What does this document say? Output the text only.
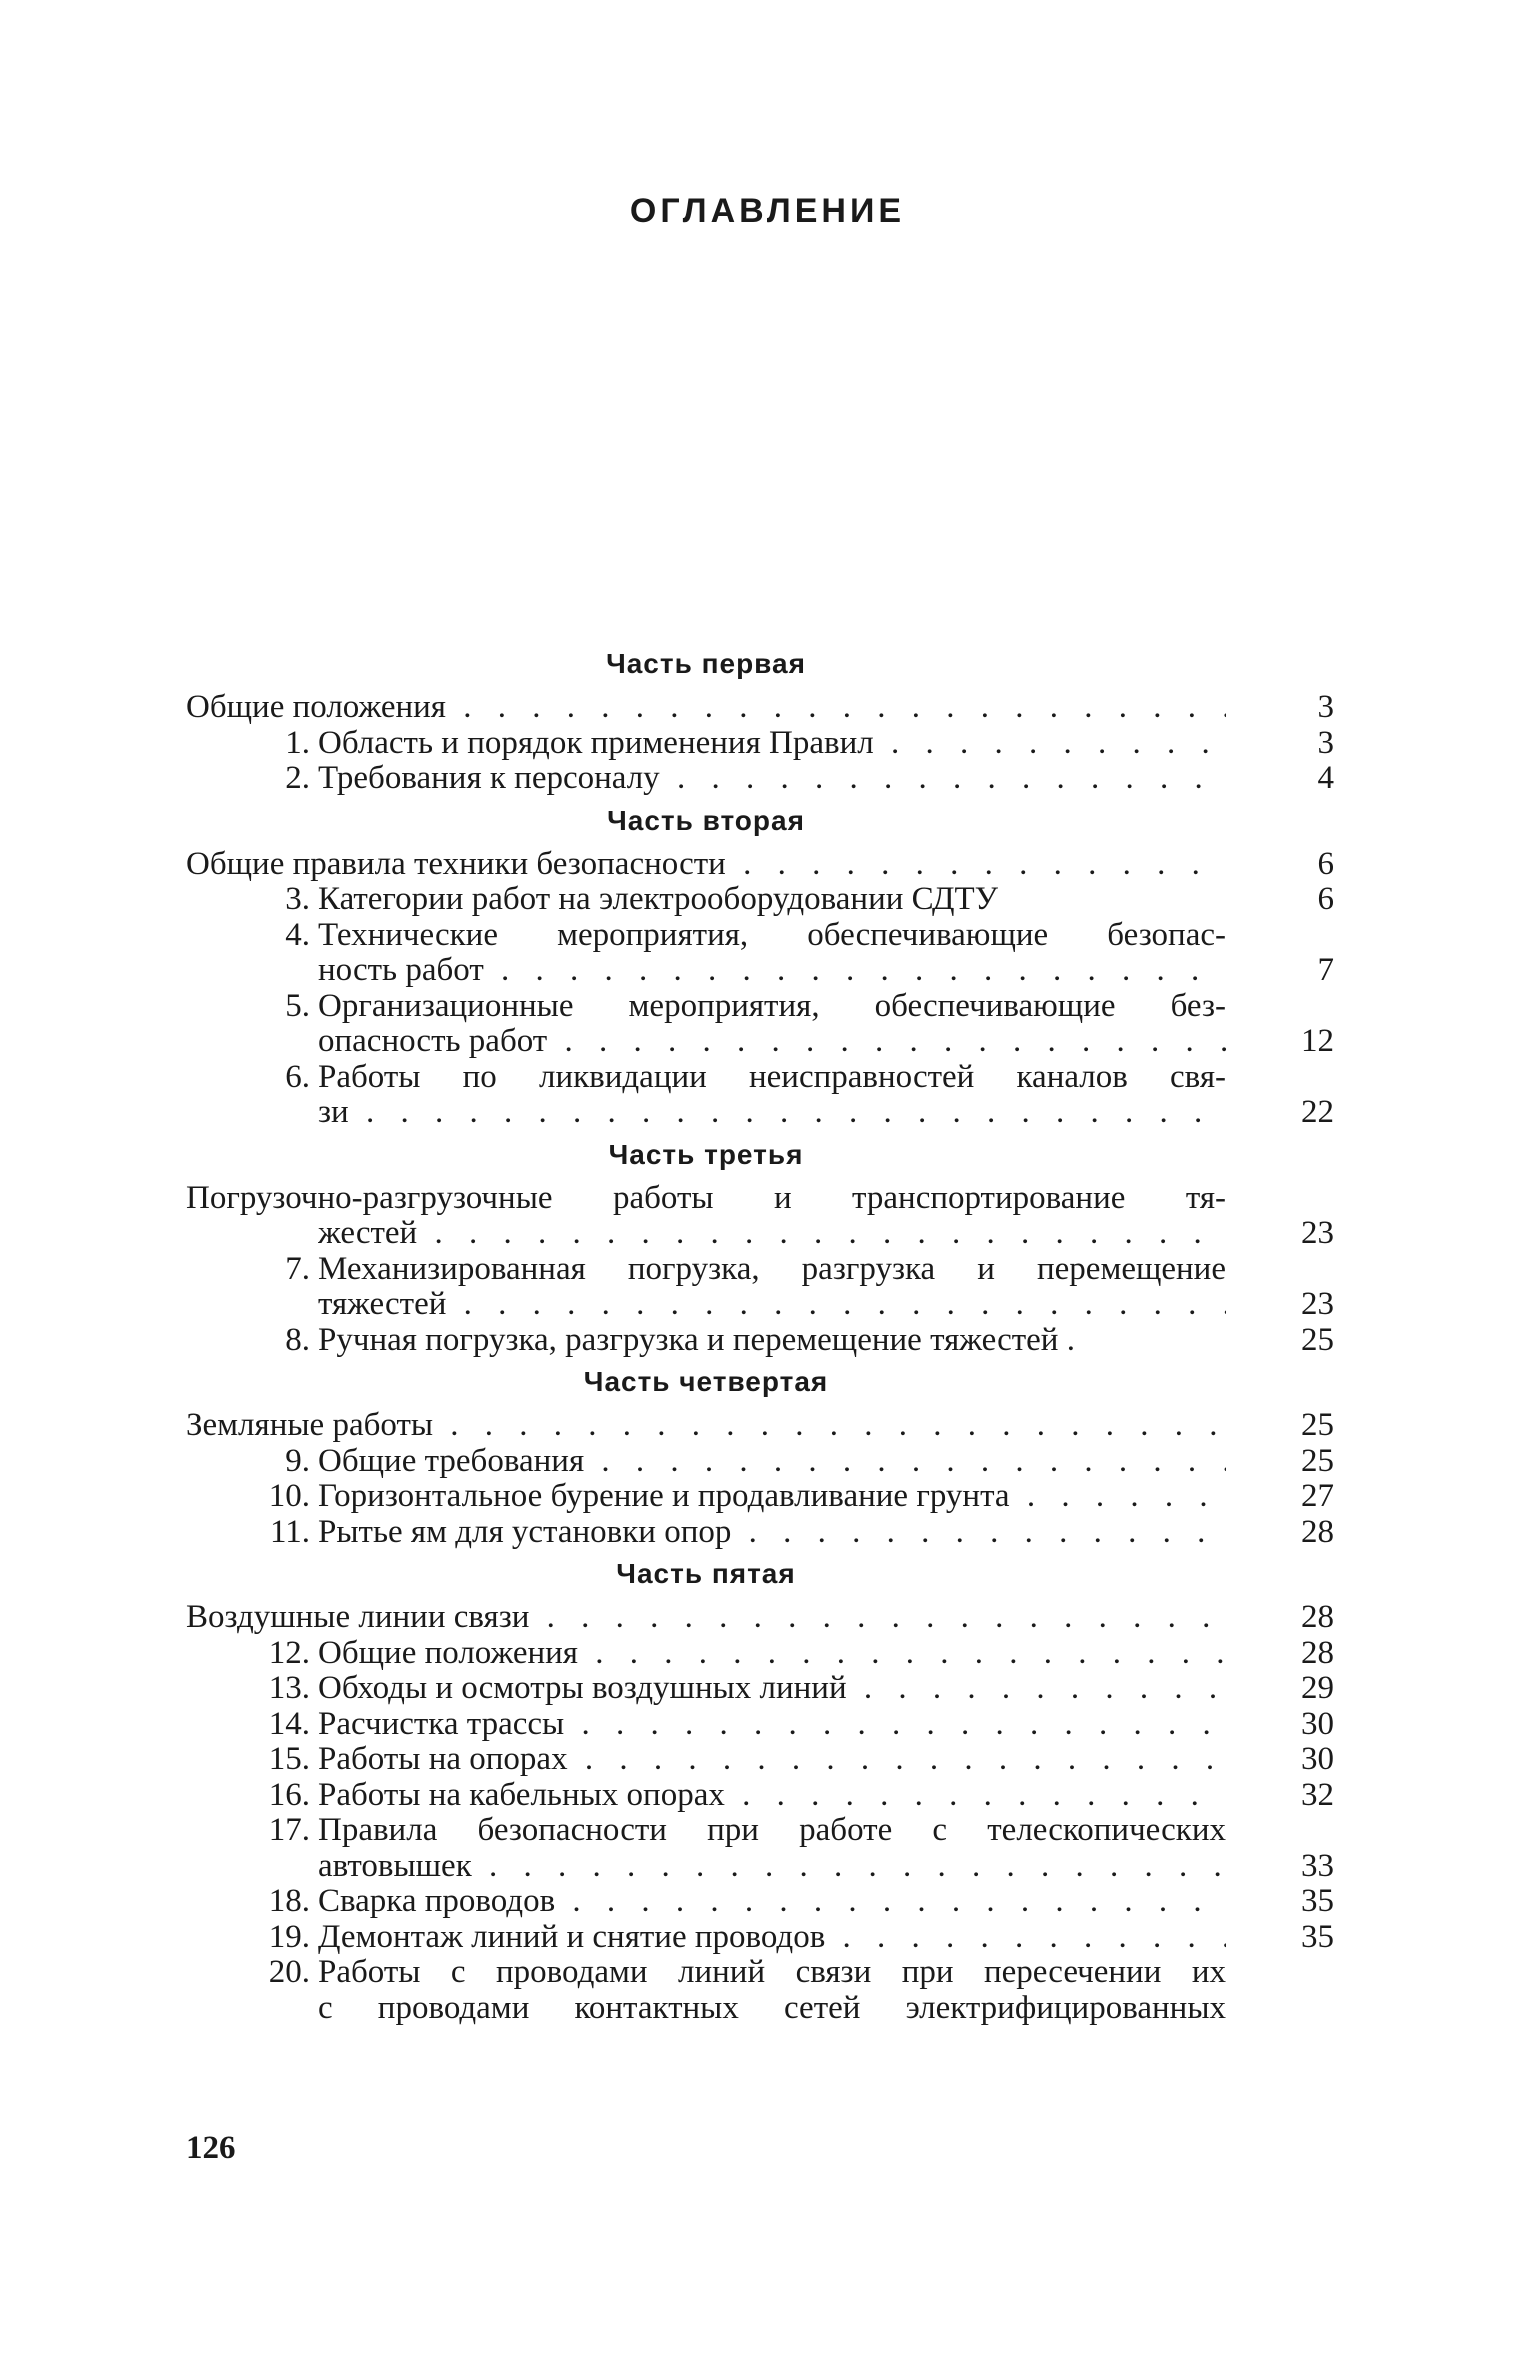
ОГЛАВЛЕНИЕ
Часть первая
Общие положения . . .	3
1. Область и порядок применения Правил . . .	3
2. Требования к персоналу . . .	4
Часть вторая
Общие правила техники безопасности . . .	6
3. Категории работ на электрооборудовании СДТУ	6
4. Технические мероприятия, обеспечивающие безопас-
ность работ . . .	7
5. Организационные мероприятия, обеспечивающие без-
опасность работ . . .	12
6. Работы по ликвидации неисправностей каналов свя-
зи . . .	22
Часть третья
Погрузочно-разгрузочные работы и транспортирование тя-
жестей . . .	23
7. Механизированная погрузка, разгрузка и перемещение
тяжестей . . .	23
8. Ручная погрузка, разгрузка и перемещение тяжестей .	25
Часть четвертая
Земляные работы . . .	25
9. Общие требования . . .	25
10. Горизонтальное бурение и продавливание грунта . . .	27
11. Рытье ям для установки опор . . .	28
Часть пятая
Воздушные линии связи . . .	28
12. Общие положения . . .	28
13. Обходы и осмотры воздушных линий . . .	29
14. Расчистка трассы . . .	30
15. Работы на опорах . . .	30
16. Работы на кабельных опорах . . .	32
17. Правила безопасности при работе с телескопических
автовышек . . .	33
18. Сварка проводов . . .	35
19. Демонтаж линий и снятие проводов . . .	35
20. Работы с проводами линий связи при пересечении их
с проводами контактных сетей электрифицированных
126
